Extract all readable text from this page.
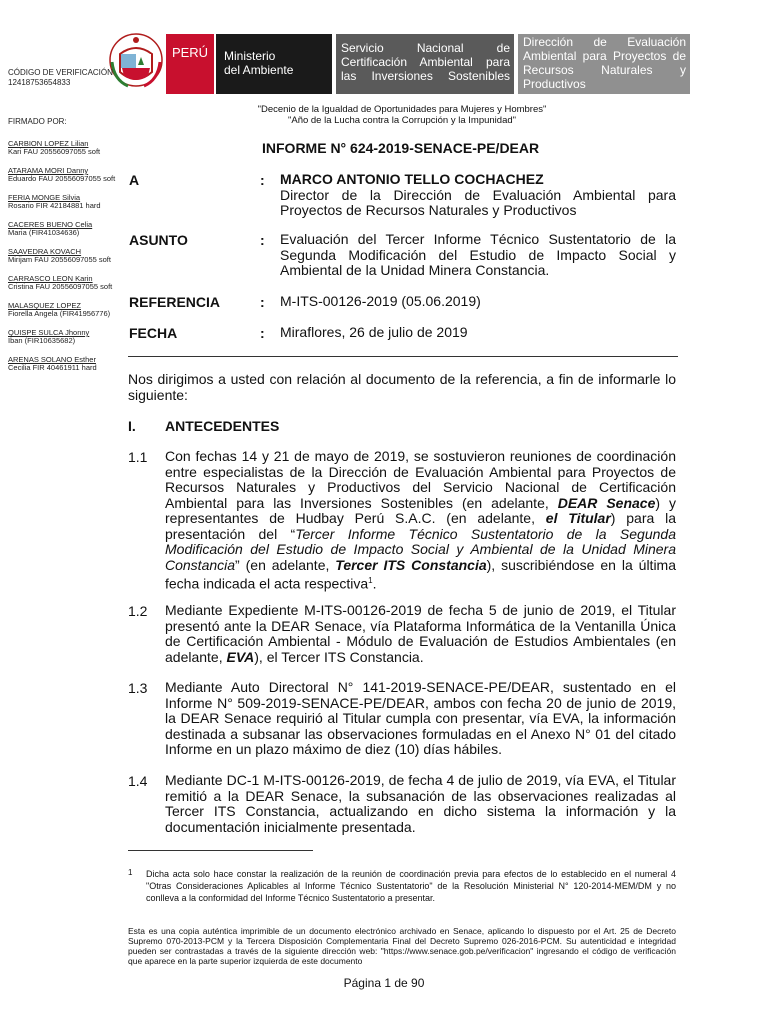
PERÚ	Ministerio
del Ambiente
Servicio Nacional de
Certificación Ambiental para
las Inversiones Sostenibles
Dirección de Evaluación
Ambiental para Proyectos de
Recursos Naturales y
Productivos
CÓDIGO DE VERIFICACIÓN
12418753654833
"Decenio de la Igualdad de Oportunidades para Mujeres y Hombres"
"Año de la Lucha contra la Corrupción y la Impunidad"
FIRMADO POR:
CARBION LOPEZ Lilian
Kari FAU 20556097055 soft
ATARAMA MORI Danny
Eduardo FAU 20556097055 soft
FERIA MONGE Silvia
Rosario FIR 42184881 hard
CACERES BUENO Celia
Maria (FIR41034636)
SAAVEDRA KOVACH
Mirijam FAU 20556097055 soft
CARRASCO LEON Karin
Cristina FAU 20556097055 soft
MALASQUEZ LOPEZ
Fiorella Angela (FIR41956776)
QUISPE SULCA Jhonny
Iban (FIR10635682)
ARENAS SOLANO Esther
Cecilia FIR 40461911 hard
INFORME N° 624-2019-SENACE-PE/DEAR
A	: MARCO ANTONIO TELLO COCHACHEZ
Director de la Dirección de Evaluación Ambiental para Proyectos de Recursos Naturales y Productivos
ASUNTO	: Evaluación del Tercer Informe Técnico Sustentatorio de la Segunda Modificación del Estudio de Impacto Social y Ambiental de la Unidad Minera Constancia.
REFERENCIA	: M-ITS-00126-2019 (05.06.2019)
FECHA	: Miraflores, 26 de julio de 2019
Nos dirigimos a usted con relación al documento de la referencia, a fin de informarle lo siguiente:
I. ANTECEDENTES
1.1 Con fechas 14 y 21 de mayo de 2019, se sostuvieron reuniones de coordinación entre especialistas de la Dirección de Evaluación Ambiental para Proyectos de Recursos Naturales y Productivos del Servicio Nacional de Certificación Ambiental para las Inversiones Sostenibles (en adelante, DEAR Senace) y representantes de Hudbay Perú S.A.C. (en adelante, el Titular) para la presentación del “Tercer Informe Técnico Sustentatorio de la Segunda Modificación del Estudio de Impacto Social y Ambiental de la Unidad Minera Constancia” (en adelante, Tercer ITS Constancia), suscribiéndose en la última fecha indicada el acta respectiva$^1$.
1.2 Mediante Expediente M-ITS-00126-2019 de fecha 5 de junio de 2019, el Titular presentó ante la DEAR Senace, vía Plataforma Informática de la Ventanilla Única de Certificación Ambiental - Módulo de Evaluación de Estudios Ambientales (en adelante, EVA), el Tercer ITS Constancia.
1.3 Mediante Auto Directoral N° 141-2019-SENACE-PE/DEAR, sustentado en el Informe N° 509-2019-SENACE-PE/DEAR, ambos con fecha 20 de junio de 2019, la DEAR Senace requirió al Titular cumpla con presentar, vía EVA, la información destinada a subsanar las observaciones formuladas en el Anexo N° 01 del citado Informe en un plazo máximo de diez (10) días hábiles.
1.4 Mediante DC-1 M-ITS-00126-2019, de fecha 4 de julio de 2019, vía EVA, el Titular remitió a la DEAR Senace, la subsanación de las observaciones realizadas al Tercer ITS Constancia, actualizando en dicho sistema la información y la documentación inicialmente presentada.
1 Dicha acta solo hace constar la realización de la reunión de coordinación previa para efectos de lo establecido en el numeral 4 "Otras Consideraciones Aplicables al Informe Técnico Sustentatorio" de la Resolución Ministerial N° 120-2014-MEM/DM y no conlleva a la conformidad del Informe Técnico Sustentatorio a presentar.
Esta es una copia auténtica imprimible de un documento electrónico archivado en Senace, aplicando lo dispuesto por el Art. 25 de Decreto Supremo 070-2013-PCM y la Tercera Disposición Complementaria Final del Decreto Supremo 026-2016-PCM. Su autenticidad e integridad pueden ser contrastadas a través de la siguiente dirección web: "https://www.senace.gob.pe/verificacion" ingresando el código de verificación que aparece en la parte superior izquierda de este documento
Página 1 de 90
